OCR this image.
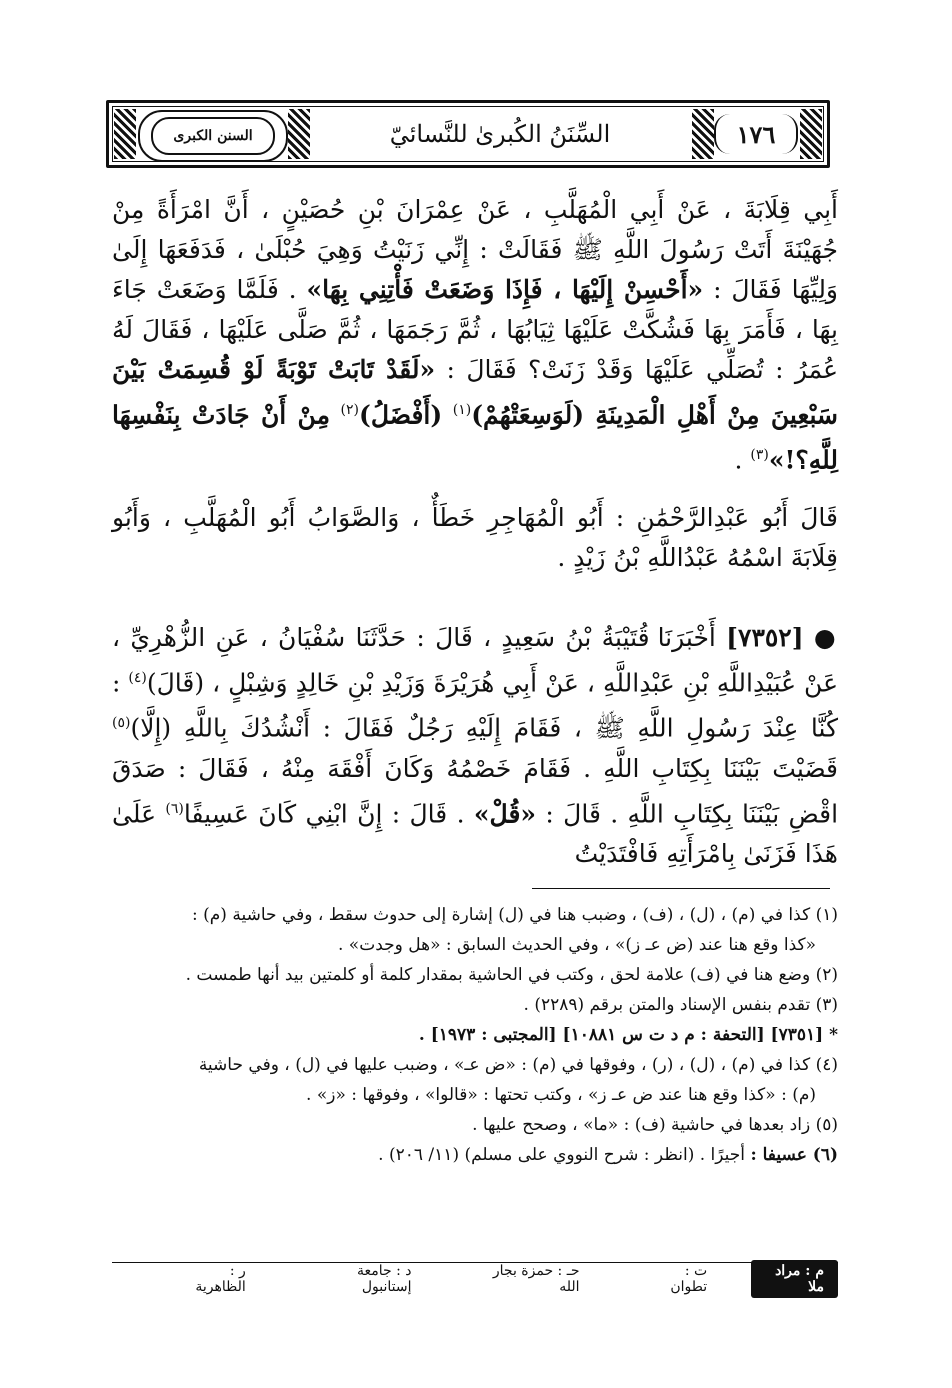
السنن الكبرى	السِّنَنُ الكُبرىٰ للنَّسائيّ	١٧٦

أَبِي قِلَابَةَ ، عَنْ أَبِي الْمُهَلَّبِ ، عَنْ عِمْرَانَ بْنِ حُصَيْنٍ ، أَنَّ امْرَأَةً مِنْ جُهَيْنَةَ أَتَتْ رَسُولَ اللَّهِ ﷺ فَقَالَتْ : إِنِّي زَنَيْتُ وَهِيَ حُبْلَىٰ ، فَدَفَعَهَا إِلَىٰ وَلِيِّهَا فَقَالَ : «أَحْسِنْ إِلَيْهَا ، فَإِذَا وَضَعَتْ فَأْتِنِي بِهَا» . فَلَمَّا وَضَعَتْ جَاءَ بِهَا ، فَأَمَرَ بِهَا فَشُكَّتْ عَلَيْهَا ثِيَابُهَا ، ثُمَّ رَجَمَهَا ، ثُمَّ صَلَّى عَلَيْهَا ، فَقَالَ لَهُ عُمَرُ : تُصَلِّي عَلَيْهَا وَقَدْ زَنَتْ؟ فَقَالَ : «لَقَدْ تَابَتْ تَوْبَةً لَوْ قُسِمَتْ بَيْنَ سَبْعِينَ مِنْ أَهْلِ الْمَدِينَةِ (لَوَسِعَتْهُمْ)$^{(١)}$ (أَفْضَلُ)$^{(٢)}$ مِنْ أَنْ جَادَتْ بِنَفْسِهَا لِلَّهِ؟!»$^{(٣)}$ .

قَالَ أَبُو عَبْدِالرَّحْمَٰنِ : أَبُو الْمُهَاجِرِ خَطَأٌ ، وَالصَّوَابُ أَبُو الْمُهَلَّبِ ، وَأَبُو قِلَابَةَ اسْمُهُ عَبْدُاللَّهِ بْنُ زَيْدٍ .

● [٧٣٥٢] أَخْبَرَنَا قُتَيْبَةُ بْنُ سَعِيدٍ ، قَالَ : حَدَّثَنَا سُفْيَانُ ، عَنِ الزُّهْرِيِّ ، عَنْ عُبَيْدِاللَّهِ بْنِ عَبْدِاللَّهِ ، عَنْ أَبِي هُرَيْرَةَ وَزَيْدِ بْنِ خَالِدٍ وَشِبْلٍ ، (قَالَ)$^{(٤)}$ : كُنَّا عِنْدَ رَسُولِ اللَّهِ ﷺ ، فَقَامَ إِلَيْهِ رَجُلٌ فَقَالَ : أَنْشُدُكَ بِاللَّهِ (إِلَّا)$^{(٥)}$ قَضَيْتَ بَيْنَنَا بِكِتَابِ اللَّهِ . فَقَامَ خَصْمُهُ وَكَانَ أَفْقَهَ مِنْهُ ، فَقَالَ : صَدَقَ اقْضِ بَيْنَنَا بِكِتَابِ اللَّهِ . قَالَ : «قُلْ» . قَالَ : إِنَّ ابْنِي كَانَ عَسِيفًا$^{(٦)}$ عَلَىٰ هَذَا فَزَنَىٰ بِامْرَأَتِهِ فَافْتَدَيْتُ

(١) كذا في (م) ، (ل) ، (ف) ، وضبب هنا في (ل) إشارة إلى حدوث سقط ، وفي حاشية (م) :

«كذا وقع هنا عند (ض عـ ز)» ، وفي الحديث السابق : «هل وجدت» .

(٢) وضع هنا في (ف) علامة لحق ، وكتب في الحاشية بمقدار كلمة أو كلمتين بيد أنها طمست .

(٣) تقدم بنفس الإسناد والمتن برقم (٢٢٨٩) .

* [٧٣٥١] [التحفة : م د ت س ١٠٨٨١] [المجتبى : ١٩٧٣] .

(٤) كذا في (م) ، (ل) ، (ر) ، وفوقها في (م) : «ض عـ» ، وضبب عليها في (ل) ، وفي حاشية

(م) : «كذا وقع هنا عند ض عـ ز» ، وكتب تحتها : «قالوا» ، وفوقها : «ز» .

(٥) زاد بعدها في حاشية (ف) : «ما» ، وصحح عليها .

(٦) عسيفا : أجيرًا . (انظر : شرح النووي على مسلم) (١١/ ٢٠٦) .

م : مراد ملا
ت : تطوان
حـ : حمزة بجار الله
د : جامعة إستانبول
ر : الظاهرية
